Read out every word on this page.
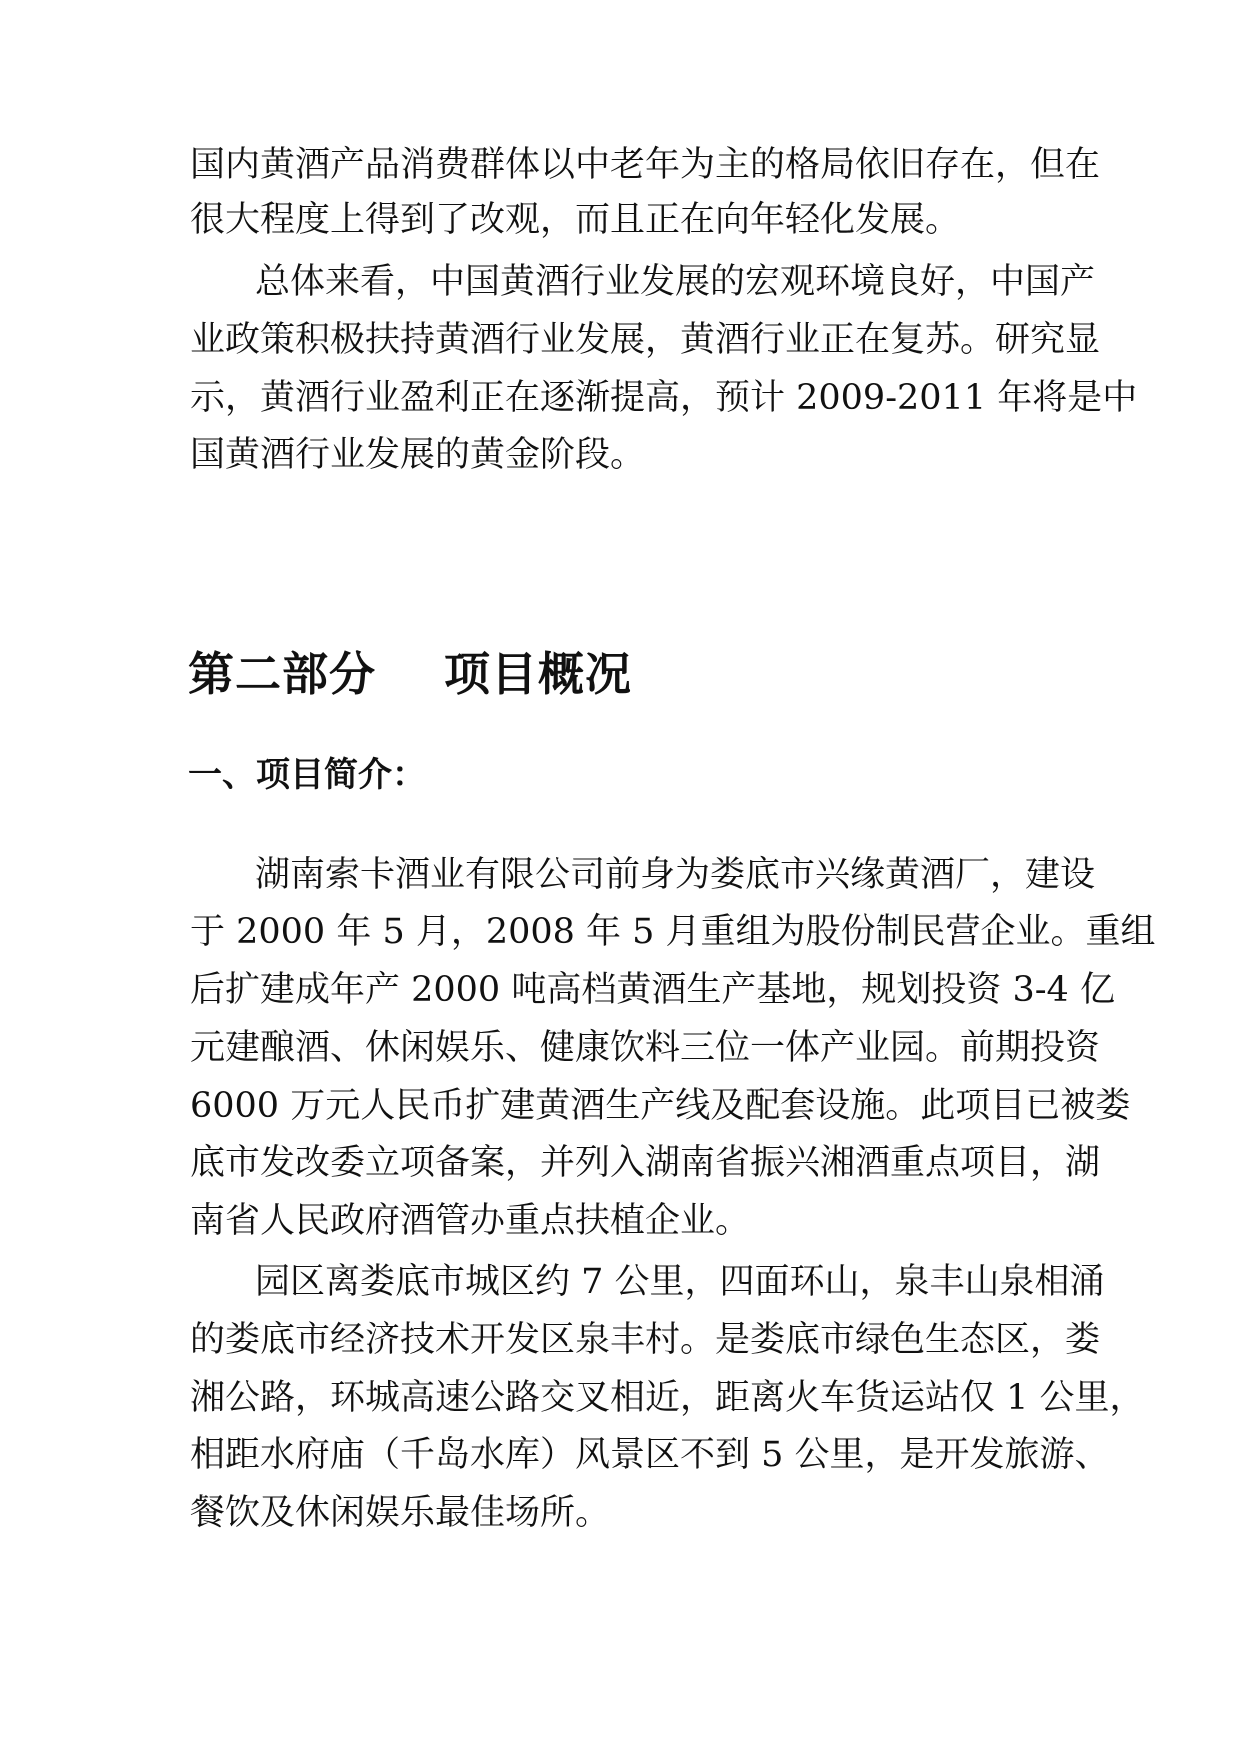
国内黄酒产品消费群体以中老年为主的格局依旧存在，但在
很大程度上得到了改观，而且正在向年轻化发展。
总体来看，中国黄酒行业发展的宏观环境良好，中国产
业政策积极扶持黄酒行业发展，黄酒行业正在复苏。研究显
示，黄酒行业盈利正在逐渐提高，预计 2009-2011 年将是中
国黄酒行业发展的黄金阶段。
第二部分    项目概况
一、项目简介：
湖南索卡酒业有限公司前身为娄底市兴缘黄酒厂，建设
于 2000 年 5 月，2008 年 5 月重组为股份制民营企业。重组
后扩建成年产 2000 吨高档黄酒生产基地，规划投资 3-4 亿
元建酿酒、休闲娱乐、健康饮料三位一体产业园。前期投资
6000 万元人民币扩建黄酒生产线及配套设施。此项目已被娄
底市发改委立项备案，并列入湖南省振兴湘酒重点项目，湖
南省人民政府酒管办重点扶植企业。
园区离娄底市城区约 7 公里，四面环山，泉丰山泉相涌
的娄底市经济技术开发区泉丰村。是娄底市绿色生态区，娄
湘公路，环城高速公路交叉相近，距离火车货运站仅 1 公里，
相距水府庙（千岛水库）风景区不到 5 公里，是开发旅游、
餐饮及休闲娱乐最佳场所。
